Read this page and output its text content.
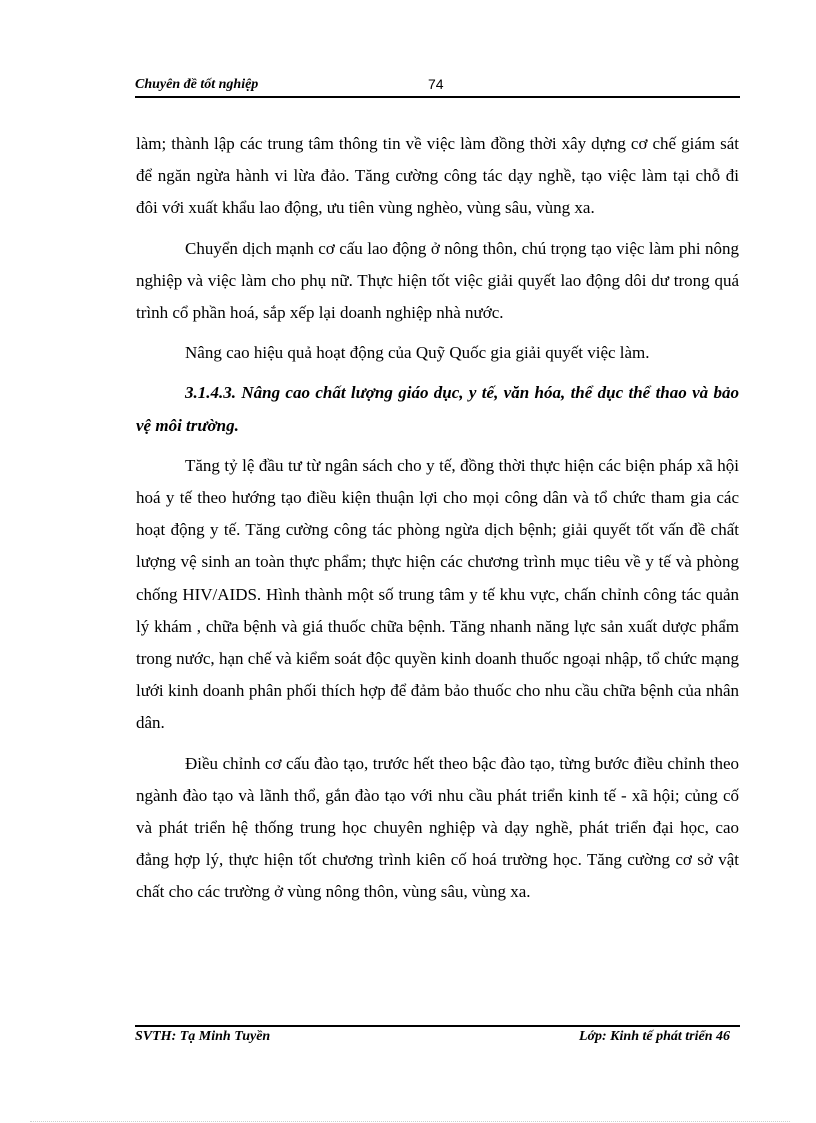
Chuyên đề tốt nghiệp	74

làm; thành lập các trung tâm thông tin về việc làm đồng thời xây dựng cơ chế giám sát để ngăn ngừa hành vi lừa đảo. Tăng cường công tác dạy nghề, tạo việc làm tại chỗ đi đôi với xuất khẩu lao động, ưu tiên vùng nghèo, vùng sâu, vùng xa.

Chuyển dịch mạnh cơ cấu lao động ở nông thôn, chú trọng tạo việc làm phi nông nghiệp và việc làm cho phụ nữ. Thực hiện tốt việc giải quyết lao động dôi dư trong quá trình cổ phần hoá, sắp xếp lại doanh nghiệp nhà nước.

Nâng cao hiệu quả hoạt động của Quỹ Quốc gia giải quyết việc làm.

3.1.4.3. Nâng cao chất lượng giáo dục, y tế, văn hóa, thể dục thể thao và bảo vệ môi trường.

Tăng tỷ lệ đầu tư từ ngân sách cho y tế, đồng thời thực hiện các biện pháp xã hội hoá y tế theo hướng tạo điều kiện thuận lợi cho mọi công dân và tổ chức tham gia các hoạt động y tế. Tăng cường công tác phòng ngừa dịch bệnh; giải quyết tốt vấn đề chất lượng vệ sinh an toàn thực phẩm; thực hiện các chương trình mục tiêu về y tế và phòng chống HIV/AIDS. Hình thành một số trung tâm y tế khu vực, chấn chỉnh công tác quản lý khám , chữa bệnh và giá thuốc chữa bệnh. Tăng nhanh năng lực sản xuất dược phẩm trong nước, hạn chế và kiểm soát độc quyền kinh doanh thuốc ngoại nhập, tổ chức mạng lưới kinh doanh phân phối thích hợp để đảm bảo thuốc cho nhu cầu chữa bệnh của nhân dân.

Điều chỉnh cơ cấu đào tạo, trước hết theo bậc đào tạo, từng bước điều chỉnh theo ngành đào tạo và lãnh thổ, gắn đào tạo với nhu cầu phát triển kinh tế - xã hội; củng cố và phát triển hệ thống trung học chuyên nghiệp và dạy nghề, phát triển đại học, cao đẳng hợp lý, thực hiện tốt chương trình kiên cố hoá trường học. Tăng cường cơ sở vật chất cho các trường ở vùng nông thôn, vùng sâu, vùng xa.

SVTH: Tạ Minh Tuyền	Lớp: Kinh tế phát triển 46
